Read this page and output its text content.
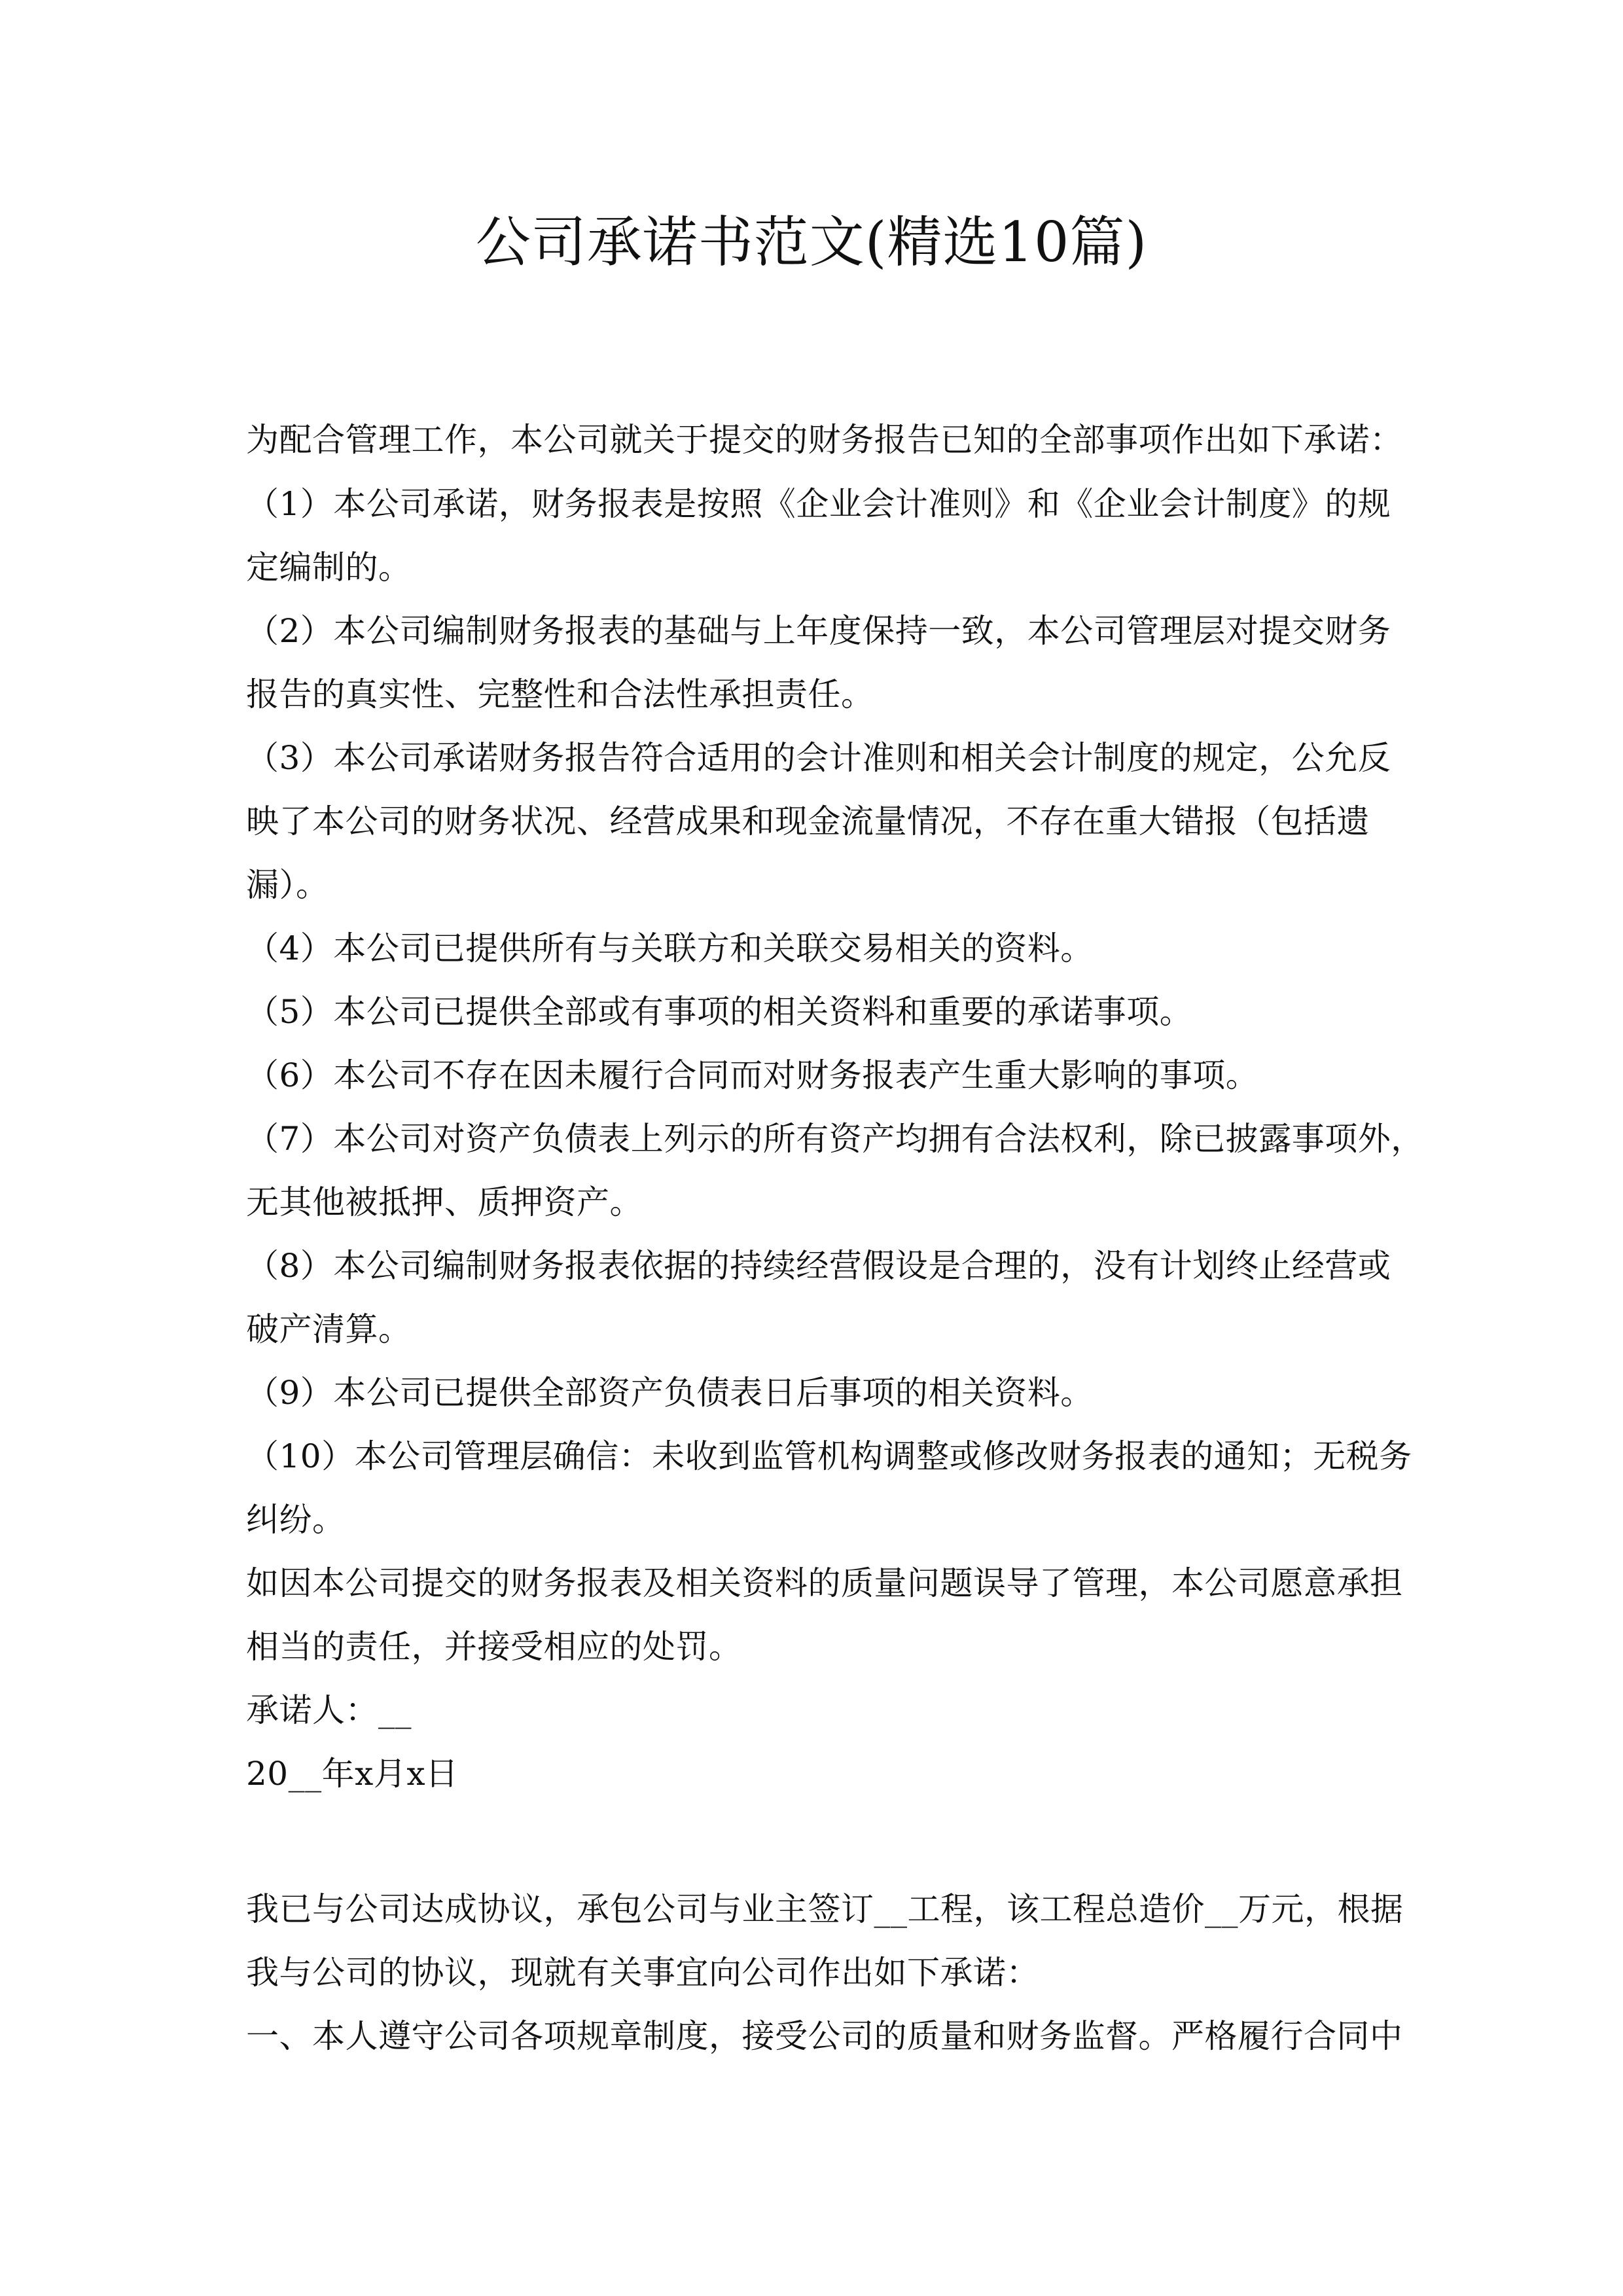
公司承诺书范文(精选10篇)
为配合管理工作，本公司就关于提交的财务报告已知的全部事项作出如下承诺：
（1）本公司承诺，财务报表是按照《企业会计准则》和《企业会计制度》的规
定编制的。
（2）本公司编制财务报表的基础与上年度保持一致，本公司管理层对提交财务
报告的真实性、完整性和合法性承担责任。
（3）本公司承诺财务报告符合适用的会计准则和相关会计制度的规定，公允反
映了本公司的财务状况、经营成果和现金流量情况，不存在重大错报（包括遗
漏）。
（4）本公司已提供所有与关联方和关联交易相关的资料。
（5）本公司已提供全部或有事项的相关资料和重要的承诺事项。
（6）本公司不存在因未履行合同而对财务报表产生重大影响的事项。
（7）本公司对资产负债表上列示的所有资产均拥有合法权利，除已披露事项外，
无其他被抵押、质押资产。
（8）本公司编制财务报表依据的持续经营假设是合理的，没有计划终止经营或
破产清算。
（9）本公司已提供全部资产负债表日后事项的相关资料。
（10）本公司管理层确信：未收到监管机构调整或修改财务报表的通知；无税务
纠纷。
如因本公司提交的财务报表及相关资料的质量问题误导了管理，本公司愿意承担
相当的责任，并接受相应的处罚。
承诺人：__
20__年x月x日
我已与公司达成协议，承包公司与业主签订__工程，该工程总造价__万元，根据
我与公司的协议，现就有关事宜向公司作出如下承诺：
一、本人遵守公司各项规章制度，接受公司的质量和财务监督。严格履行合同中
